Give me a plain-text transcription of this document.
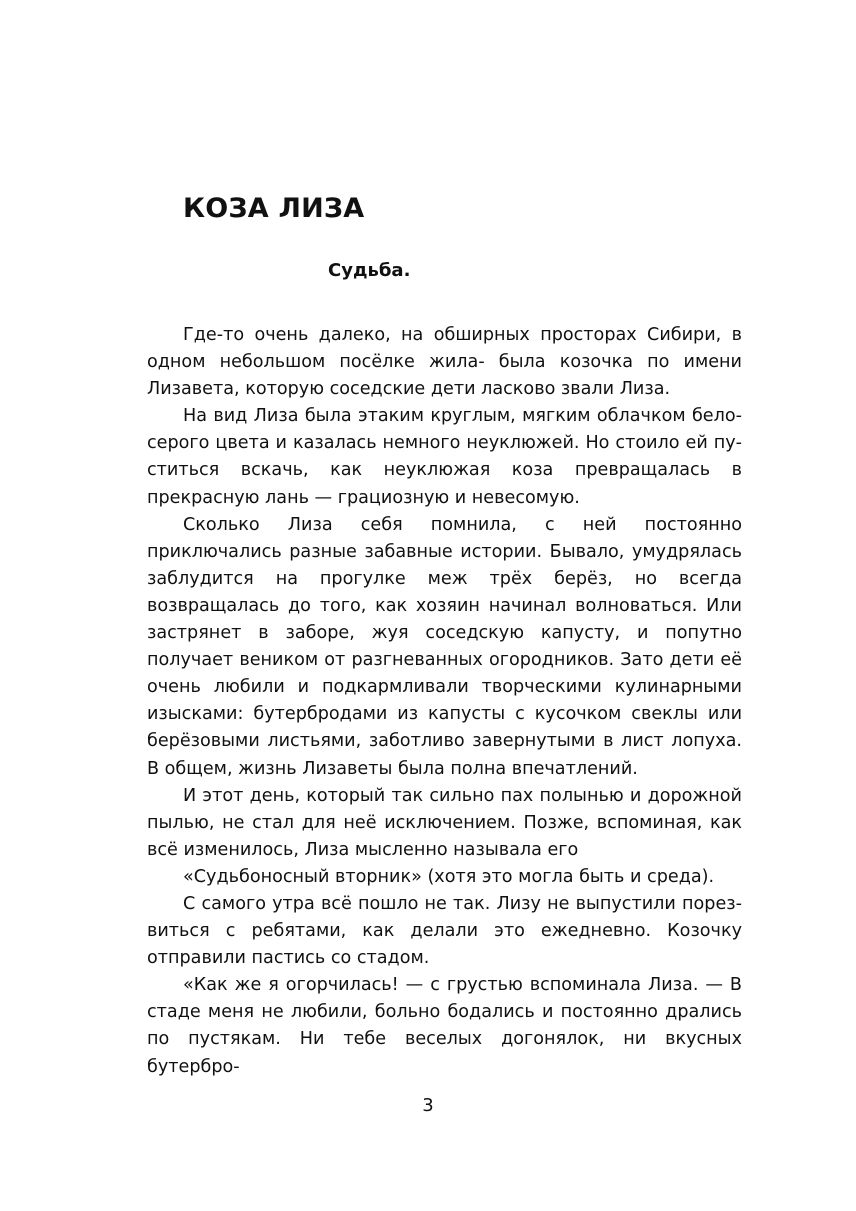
КОЗА ЛИЗА
Судьба.

Где-то очень далеко, на обширных просторах Сибири, в одном небольшом посёлке жила- была козочка по имени Лизавета, которую соседские дети ласково звали Лиза.

На вид Лиза была этаким круглым, мягким облачком белосерого цвета и казалась немного неуклюжей. Но стоило ей пуститься вскачь, как неуклюжая коза превращалась в прекрасную лань — грациозную и невесомую.

Сколько Лиза себя помнила, с ней постоянно приключались разные забавные истории. Бывало, умудрялась заблудится на прогулке меж трёх берёз, но всегда возвращалась до того, как хозяин начинал волноваться. Или застрянет в заборе, жуя соседскую капусту, и попутно получает веником от разгневанных огородников. Зато дети её очень любили и подкармливали творческими кулинарными изысками: бутербродами из капусты с кусочком свеклы или берёзовыми листьями, заботливо завернутыми в лист лопуха. В общем, жизнь Лизаветы была полна впечатлений.

И этот день, который так сильно пах полынью и дорожной пылью, не стал для неё исключением. Позже, вспоминая, как всё изменилось, Лиза мысленно называла его

«Судьбоносный вторник» (хотя это могла быть и среда).

С самого утра всё пошло не так. Лизу не выпустили порезвиться с ребятами, как делали это ежедневно. Козочку отправили пастись со стадом.

«Как же я огорчилась! — с грустью вспоминала Лиза. — В стаде меня не любили, больно бодались и постоянно дрались по пустякам. Ни тебе веселых догонялок, ни вкусных бутербро-

3
